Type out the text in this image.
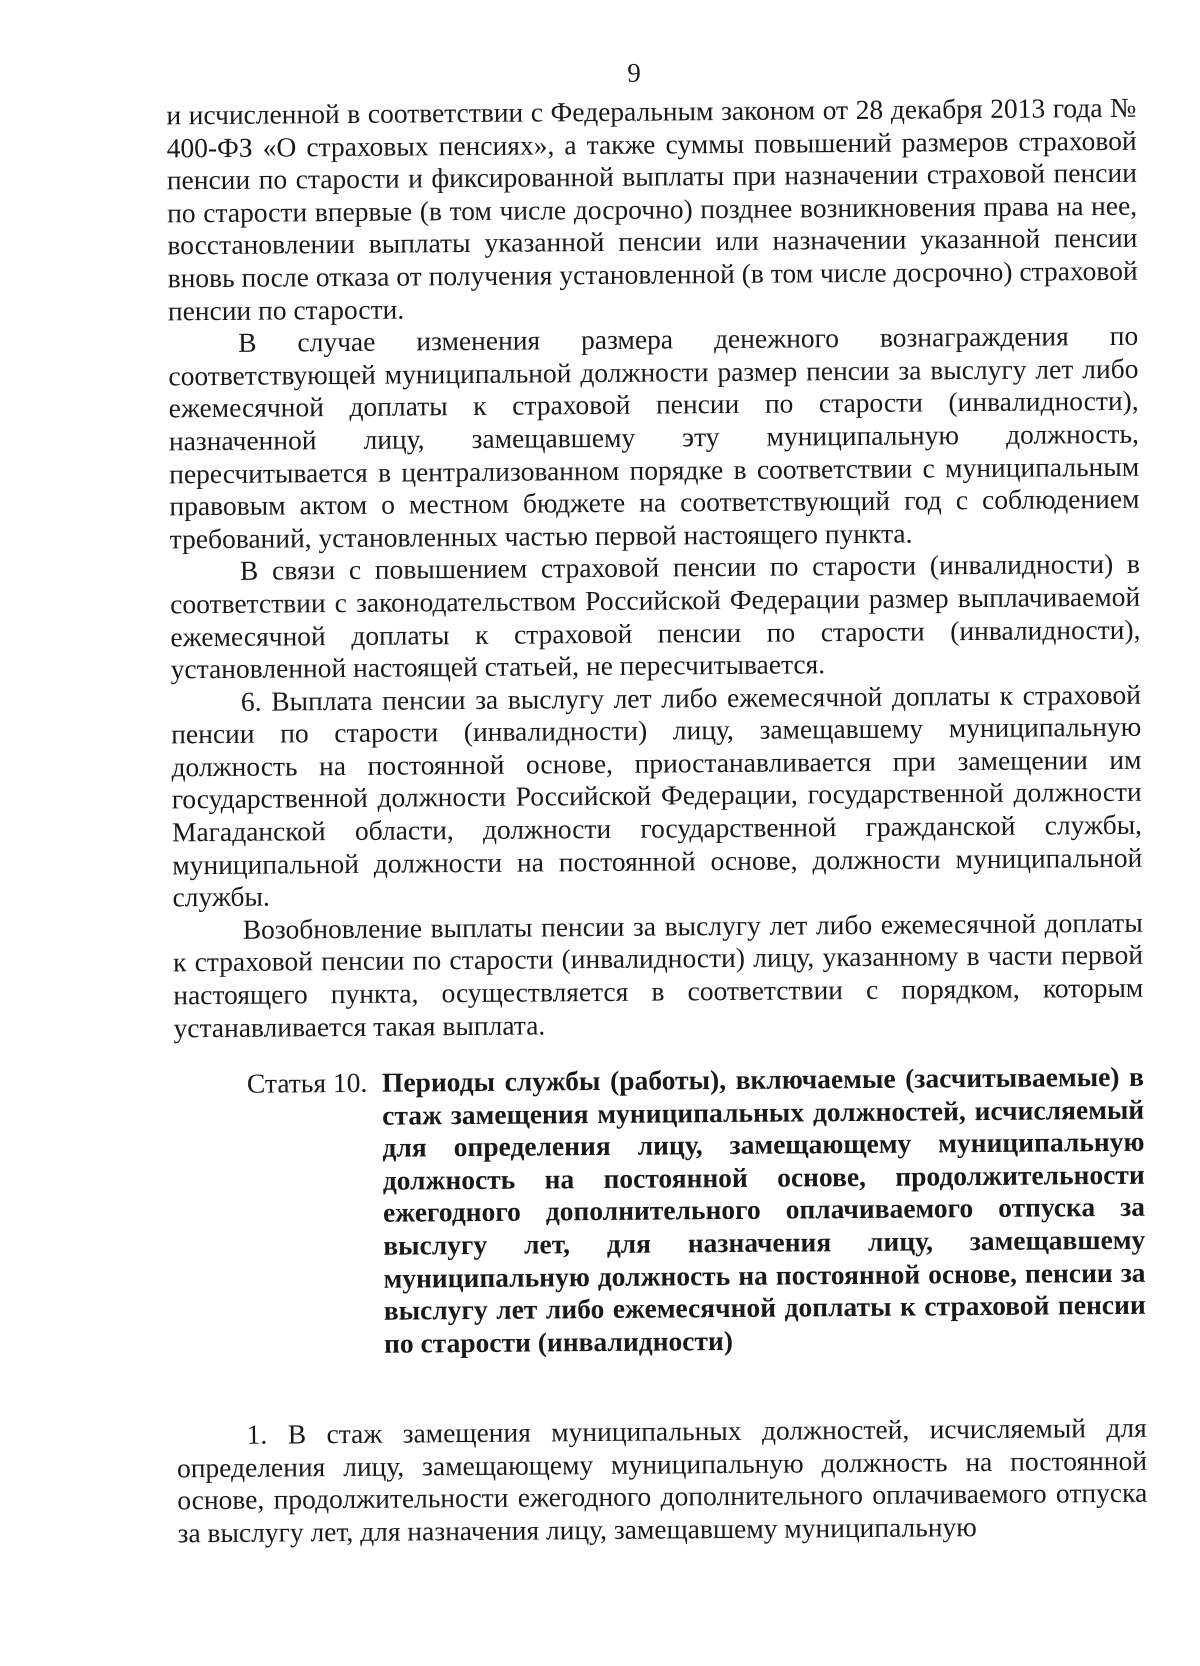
9

и исчисленной в соответствии с Федеральным законом от 28 декабря 2013 года № 400-ФЗ «О страховых пенсиях», а также суммы повышений размеров страховой пенсии по старости и фиксированной выплаты при назначении страховой пенсии по старости впервые (в том числе досрочно) позднее возникновения права на нее, восстановлении выплаты указанной пенсии или назначении указанной пенсии вновь после отказа от получения установленной (в том числе досрочно) страховой пенсии по старости.

В случае изменения размера денежного вознаграждения по соответствующей муниципальной должности размер пенсии за выслугу лет либо ежемесячной доплаты к страховой пенсии по старости (инвалидности), назначенной лицу, замещавшему эту муниципальную должность, пересчитывается в централизованном порядке в соответствии с муниципальным правовым актом о местном бюджете на соответствующий год с соблюдением требований, установленных частью первой настоящего пункта.

В связи с повышением страховой пенсии по старости (инвалидности) в соответствии с законодательством Российской Федерации размер выплачиваемой ежемесячной доплаты к страховой пенсии по старости (инвалидности), установленной настоящей статьей, не пересчитывается.

6. Выплата пенсии за выслугу лет либо ежемесячной доплаты к страховой пенсии по старости (инвалидности) лицу, замещавшему муниципальную должность на постоянной основе, приостанавливается при замещении им государственной должности Российской Федерации, государственной должности Магаданской области, должности государственной гражданской службы, муниципальной должности на постоянной основе, должности муниципальной службы.

Возобновление выплаты пенсии за выслугу лет либо ежемесячной доплаты к страховой пенсии по старости (инвалидности) лицу, указанному в части первой настоящего пункта, осуществляется в соответствии с порядком, которым устанавливается такая выплата.

Статья 10. Периоды службы (работы), включаемые (засчитываемые) в стаж замещения муниципальных должностей, исчисляемый для определения лицу, замещающему муниципальную должность на постоянной основе, продолжительности ежегодного дополнительного оплачиваемого отпуска за выслугу лет, для назначения лицу, замещавшему муниципальную должность на постоянной основе, пенсии за выслугу лет либо ежемесячной доплаты к страховой пенсии по старости (инвалидности)

1. В стаж замещения муниципальных должностей, исчисляемый для определения лицу, замещающему муниципальную должность на постоянной основе, продолжительности ежегодного дополнительного оплачиваемого отпуска за выслугу лет, для назначения лицу, замещавшему муниципальную
